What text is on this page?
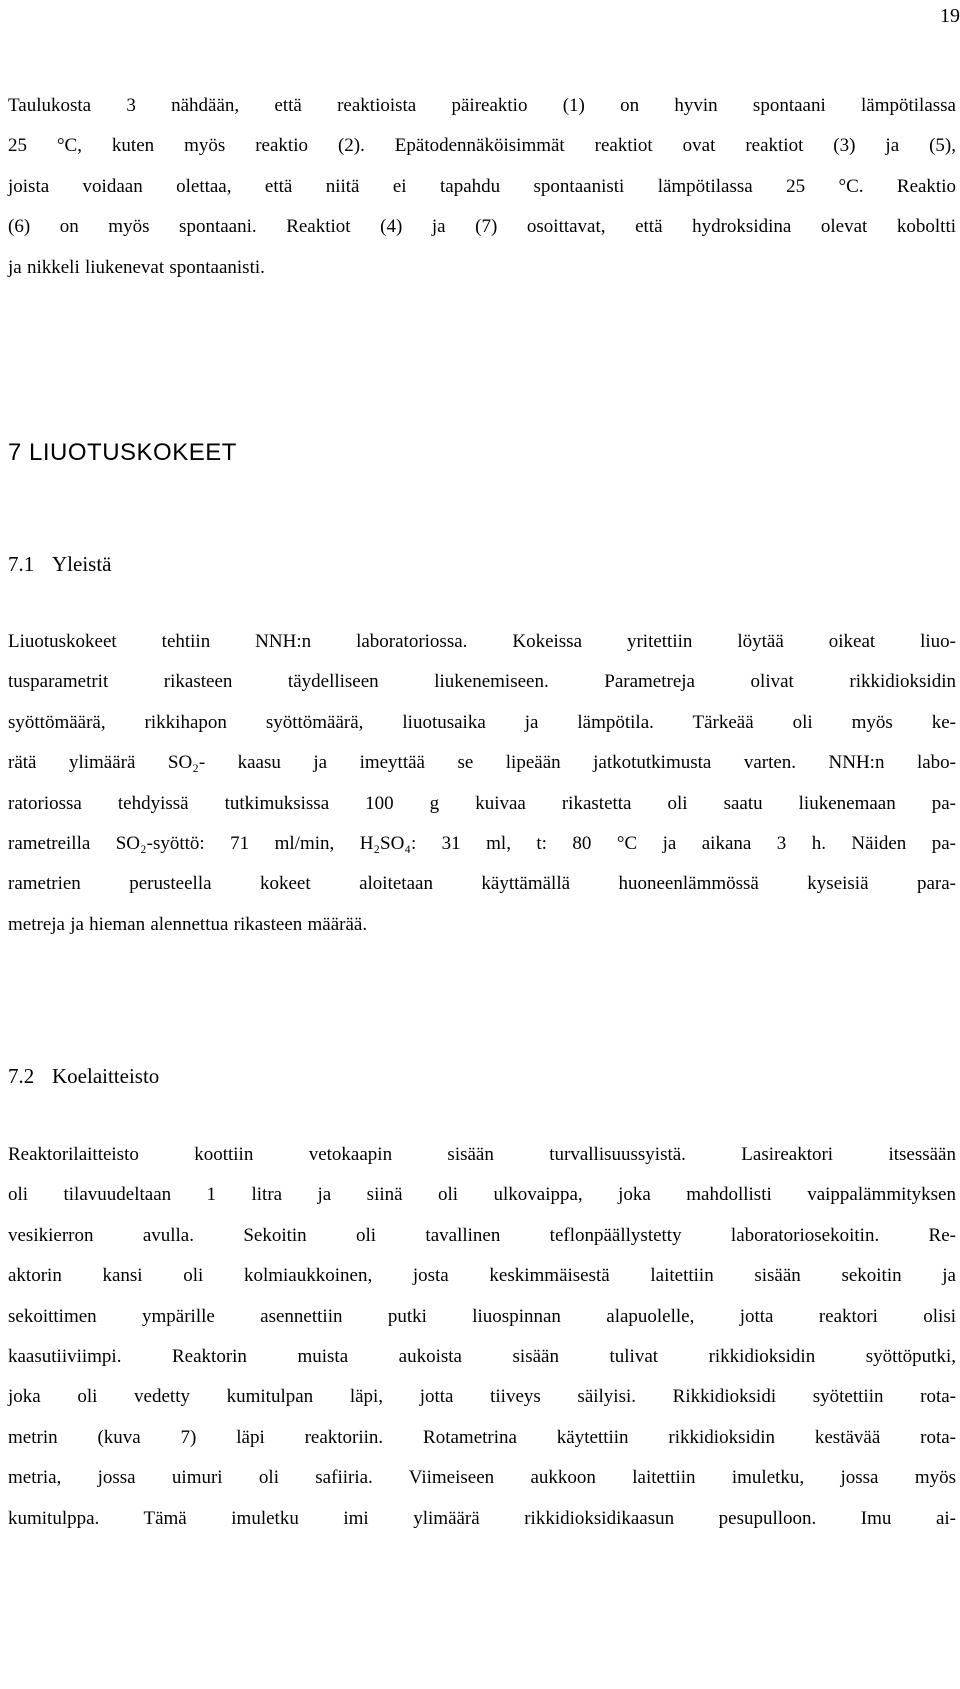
19

Taulukosta 3 nähdään, että reaktioista päireaktio (1) on hyvin spontaani lämpötilassa
25 °C, kuten myös reaktio (2). Epätodennäköisimmät reaktiot ovat reaktiot (3) ja (5),
joista voidaan olettaa, että niitä ei tapahdu spontaanisti lämpötilassa 25 °C. Reaktio
(6) on myös spontaani. Reaktiot (4) ja (7) osoittavat, että hydroksidina olevat koboltti
ja nikkeli liukenevat spontaanisti.

7 LIUOTUSKOKEET
7.1 Yleistä

Liuotuskokeet tehtiin NNH:n laboratoriossa. Kokeissa yritettiin löytää oikeat liuo-
tusparametrit rikasteen täydelliseen liukenemiseen. Parametreja olivat rikkidioksidin
syöttömäärä, rikkihapon syöttömäärä, liuotusaika ja lämpötila. Tärkeää oli myös ke-
rätä ylimäärä SO₂- kaasu ja imeyttää se lipeään jatkotutkimusta varten. NNH:n labo-
ratoriossa tehdyissä tutkimuksissa 100 g kuivaa rikastetta oli saatu liukenemaan pa-
rametreilla SO₂-syöttö: 71 ml/min, H₂SO₄: 31 ml, t: 80 °C ja aikana 3 h. Näiden pa-
rametrien perusteella kokeet aloitetaan käyttämällä huoneenlämmössä kyseisiä para-
metreja ja hieman alennettua rikasteen määrää.

7.2 Koelaitteisto

Reaktorilaitteisto koottiin vetokaapin sisään turvallisuussyistä. Lasireaktori itsessään
oli tilavuudeltaan 1 litra ja siinä oli ulkovaippa, joka mahdollisti vaippalämmityksen
vesikierron avulla. Sekoitin oli tavallinen teflonpäällystetty laboratoriosekoitin. Re-
aktorin kansi oli kolmiaukkoinen, josta keskimmäisestä laitettiin sisään sekoitin ja
sekoittimen ympärille asennettiin putki liuospinnan alapuolelle, jotta reaktori olisi
kaasutiiviimpi. Reaktorin muista aukoista sisään tulivat rikkidioksidin syöttöputki,
joka oli vedetty kumitulpan läpi, jotta tiiveys säilyisi. Rikkidioksidi syötettiin rota-
metrin (kuva 7) läpi reaktoriin. Rotametrina käytettiin rikkidioksidin kestävää rota-
metria, jossa uimuri oli safiiria. Viimeiseen aukkoon laitettiin imuletku, jossa myös
kumitulppa. Tämä imuletku imi ylimäärä rikkidioksidikaasun pesupulloon. Imu ai-
